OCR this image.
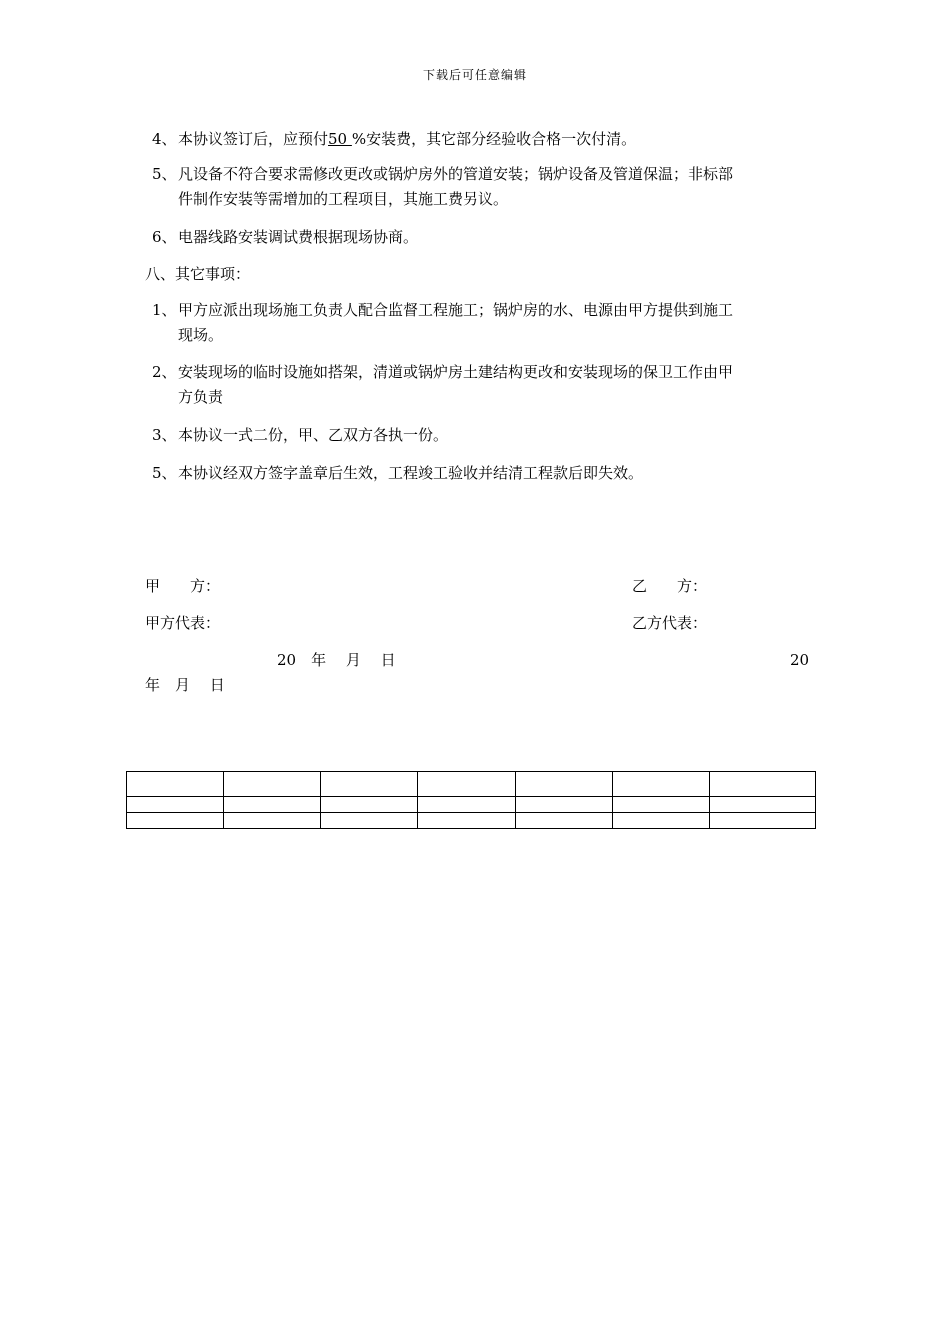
下载后可任意编辑
4、本协议签订后，应预付50 %安装费，其它部分经验收合格一次付清。
5、凡设备不符合要求需修改更改或锅炉房外的管道安装；锅炉设备及管道保温；非标部
件制作安装等需增加的工程项目，其施工费另议。
6、电器线路安装调试费根据现场协商。
八、其它事项：
1、甲方应派出现场施工负责人配合监督工程施工；锅炉房的水、电源由甲方提供到施工
现场。
2、安装现场的临时设施如搭架，清道或锅炉房土建结构更改和安装现场的保卫工作由甲
方负责
3、本协议一式二份，甲、乙双方各执一份。
5、本协议经双方签字盖章后生效，工程竣工验收并结清工程款后即失效。
甲　　方：	乙　　方：
甲方代表：	乙方代表：
20　年　 月　 日	20
年　月　 日
